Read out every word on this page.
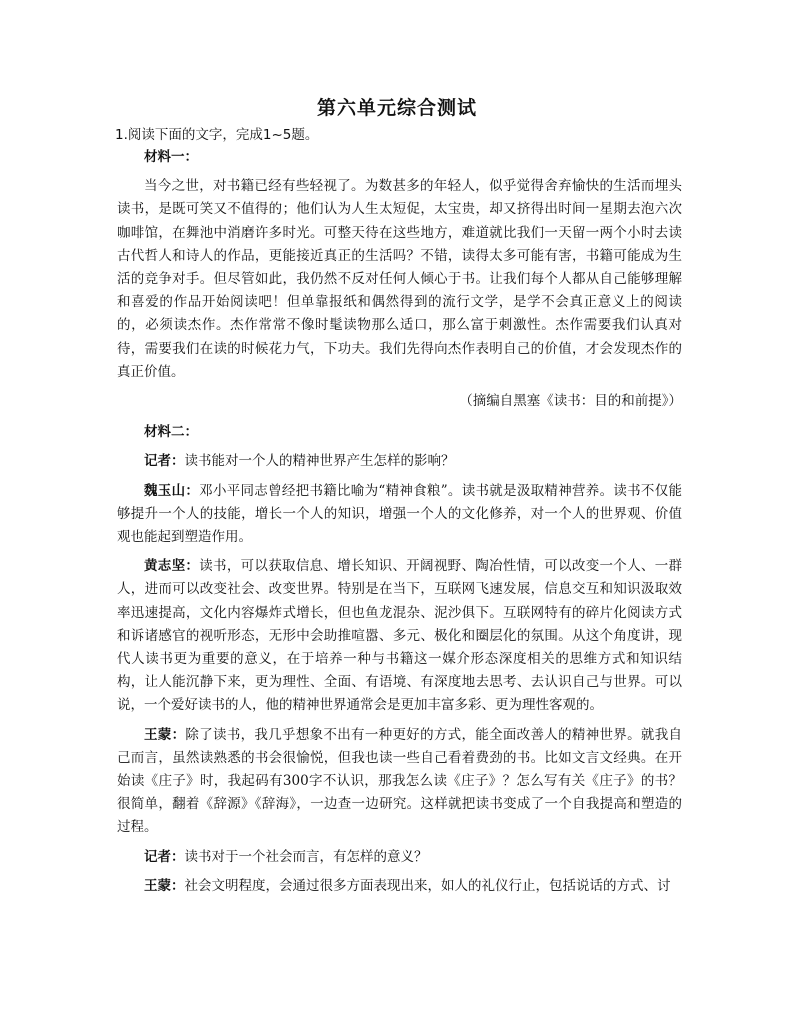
第六单元综合测试
1.阅读下面的文字，完成1~5题。

材料一：

当今之世，对书籍已经有些轻视了。为数甚多的年轻人，似乎觉得舍弃愉快的生活而埋头读书，是既可笑又不值得的；他们认为人生太短促，太宝贵，却又挤得出时间一星期去泡六次咖啡馆，在舞池中消磨许多时光。可整天待在这些地方，难道就比我们一天留一两个小时去读古代哲人和诗人的作品，更能接近真正的生活吗？不错，读得太多可能有害，书籍可能成为生活的竞争对手。但尽管如此，我仍然不反对任何人倾心于书。让我们每个人都从自己能够理解和喜爱的作品开始阅读吧！但单靠报纸和偶然得到的流行文学，是学不会真正意义上的阅读的，必须读杰作。杰作常常不像时髦读物那么适口，那么富于刺激性。杰作需要我们认真对待，需要我们在读的时候花力气，下功夫。我们先得向杰作表明自己的价值，才会发现杰作的真正价值。

（摘编自黑塞《读书：目的和前提》）

材料二：

记者：读书能对一个人的精神世界产生怎样的影响？

魏玉山：邓小平同志曾经把书籍比喻为“精神食粮”。读书就是汲取精神营养。读书不仅能够提升一个人的技能，增长一个人的知识，增强一个人的文化修养，对一个人的世界观、价值观也能起到塑造作用。

黄志坚：读书，可以获取信息、增长知识、开阔视野、陶冶性情，可以改变一个人、一群人，进而可以改变社会、改变世界。特别是在当下，互联网飞速发展，信息交互和知识汲取效率迅速提高，文化内容爆炸式增长，但也鱼龙混杂、泥沙俱下。互联网特有的碎片化阅读方式和诉诸感官的视听形态，无形中会助推喧嚣、多元、极化和圈层化的氛围。从这个角度讲，现代人读书更为重要的意义，在于培养一种与书籍这一媒介形态深度相关的思维方式和知识结构，让人能沉静下来，更为理性、全面、有语境、有深度地去思考、去认识自己与世界。可以说，一个爱好读书的人，他的精神世界通常会是更加丰富多彩、更为理性客观的。

王蒙：除了读书，我几乎想象不出有一种更好的方式，能全面改善人的精神世界。就我自己而言，虽然读熟悉的书会很愉悦，但我也读一些自己看着费劲的书。比如文言文经典。在开始读《庄子》时，我起码有300字不认识，那我怎么读《庄子》？怎么写有关《庄子》的书？很简单，翻着《辞源》《辞海》，一边查一边研究。这样就把读书变成了一个自我提高和塑造的过程。

记者：读书对于一个社会而言，有怎样的意义？

王蒙：社会文明程度，会通过很多方面表现出来，如人的礼仪行止，包括说话的方式、讨
